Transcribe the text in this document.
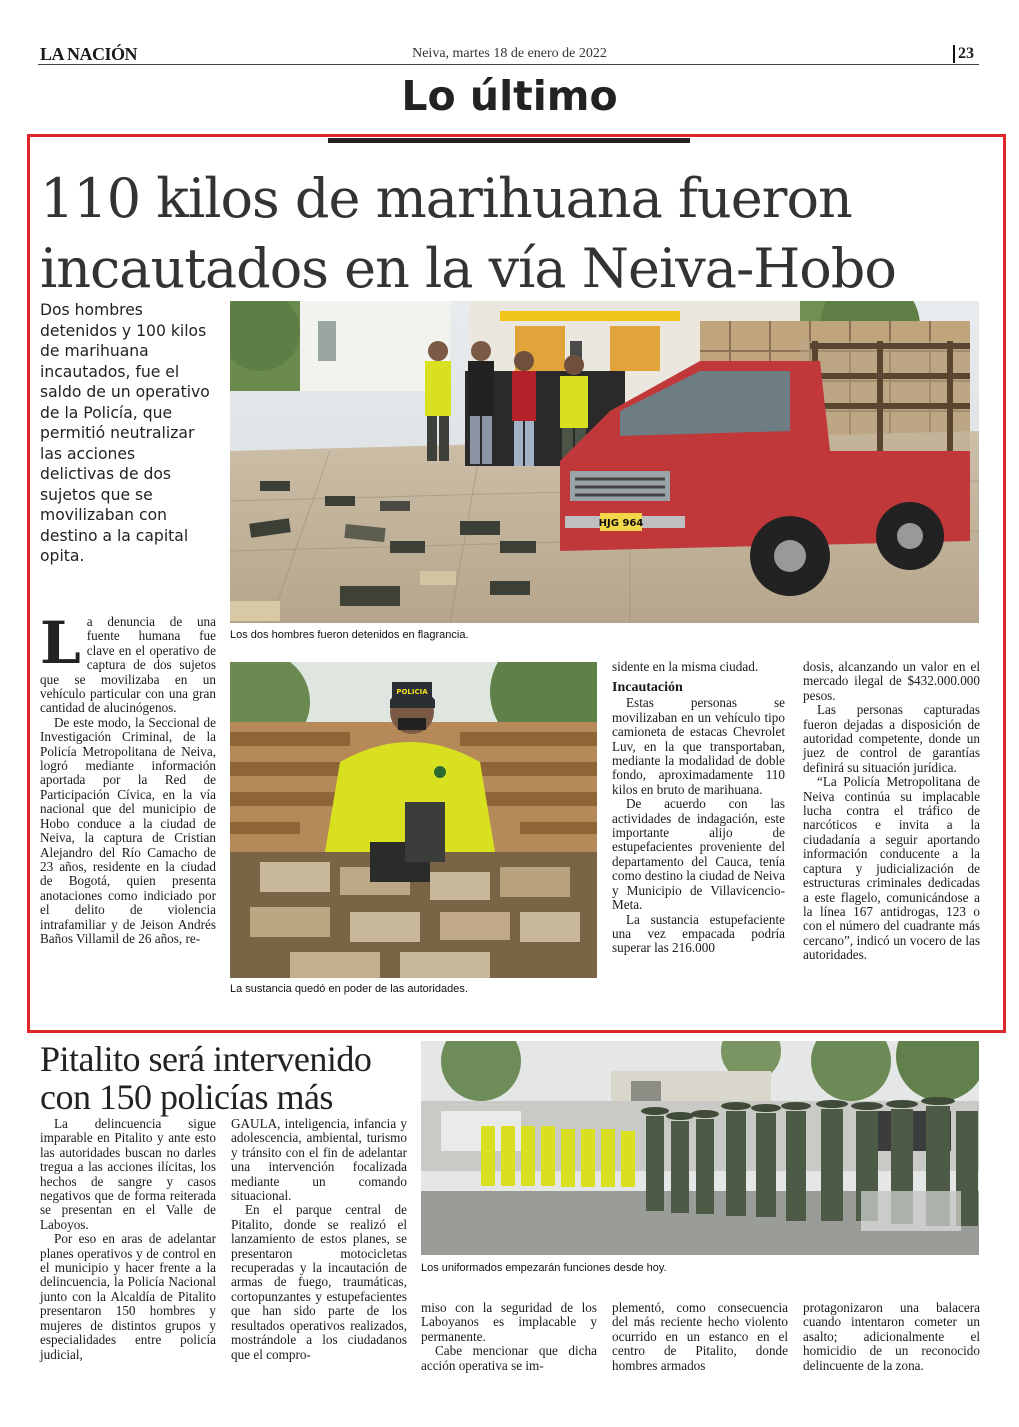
LA NACIÓN	Neiva, martes 18 de enero de 2022	23
Lo último
110 kilos de marihuana fueron incautados en la vía Neiva-Hobo
Dos hombres detenidos y 100 kilos de marihuana incautados, fue el saldo de un operativo de la Policía, que permitió neutralizar las acciones delictivas de dos sujetos que se movilizaban con destino a la capital opita.
HJG 964
Los dos hombres fueron detenidos en flagrancia.
POLICIA
La sustancia quedó en poder de las autoridades.

La denuncia de una fuente humana fue clave en el operativo de captura de dos sujetos que se movilizaba en un vehículo particular con una gran cantidad de alucinógenos.

De este modo, la Seccional de Investigación Criminal, de la Policía Metropolitana de Neiva, logró mediante información aportada por la Red de Participación Cívica, en la vía nacional que del municipio de Hobo conduce a la ciudad de Neiva, la captura de Cristian Alejandro del Río Camacho de 23 años, residente en la ciudad de Bogotá, quien presenta anotaciones como indiciado por el delito de violencia intrafamiliar y de Jeison Andrés Baños Villamil de 26 años, re-

sidente en la misma ciudad.

Incautación

Estas personas se movilizaban en un vehículo tipo camioneta de estacas Chevrolet Luv, en la que transportaban, mediante la modalidad de doble fondo, aproximadamente 110 kilos en bruto de marihuana.

De acuerdo con las actividades de indagación, este importante alijo de estupefacientes proveniente del departamento del Cauca, tenía como destino la ciudad de Neiva y Municipio de Villavicencio-Meta.

La sustancia estupefaciente una vez empacada podría superar las 216.000

dosis, alcanzando un valor en el mercado ilegal de $432.000.000 pesos.

Las personas capturadas fueron dejadas a disposición de autoridad competente, donde un juez de control de garantías definirá su situación jurídica.

“La Policía Metropolitana de Neiva continúa su implacable lucha contra el tráfico de narcóticos e invita a la ciudadanía a seguir aportando información conducente a la captura y judicialización de estructuras criminales dedicadas a este flagelo, comunicándose a la línea 167 antidrogas, 123 o con el número del cuadrante más cercano”, indicó un vocero de las autoridades.

Pitalito será intervenido con 150 policías más
Los uniformados empezarán funciones desde hoy.

La delincuencia sigue imparable en Pitalito y ante esto las autoridades buscan no darles tregua a las acciones ilícitas, los hechos de sangre y casos negativos que de forma reiterada se presentan en el Valle de Laboyos.

Por eso en aras de adelantar planes operativos y de control en el municipio y hacer frente a la delincuencia, la Policía Nacional junto con la Alcaldía de Pitalito presentaron 150 hombres y mujeres de distintos grupos y especialidades entre policía judicial,

GAULA, inteligencia, infancia y adolescencia, ambiental, turismo y tránsito con el fin de adelantar una intervención focalizada mediante un comando situacional.

En el parque central de Pitalito, donde se realizó el lanzamiento de estos planes, se presentaron motocicletas recuperadas y la incautación de armas de fuego, traumáticas, cortopunzantes y estupefacientes que han sido parte de los resultados operativos realizados, mostrándole a los ciudadanos que el compro-

miso con la seguridad de los Laboyanos es implacable y permanente.

Cabe mencionar que dicha acción operativa se im-

plementó, como consecuencia del más reciente hecho violento ocurrido en un estanco en el centro de Pitalito, donde hombres armados

protagonizaron una balacera cuando intentaron cometer un asalto; adicionalmente el homicidio de un reconocido delincuente de la zona.
